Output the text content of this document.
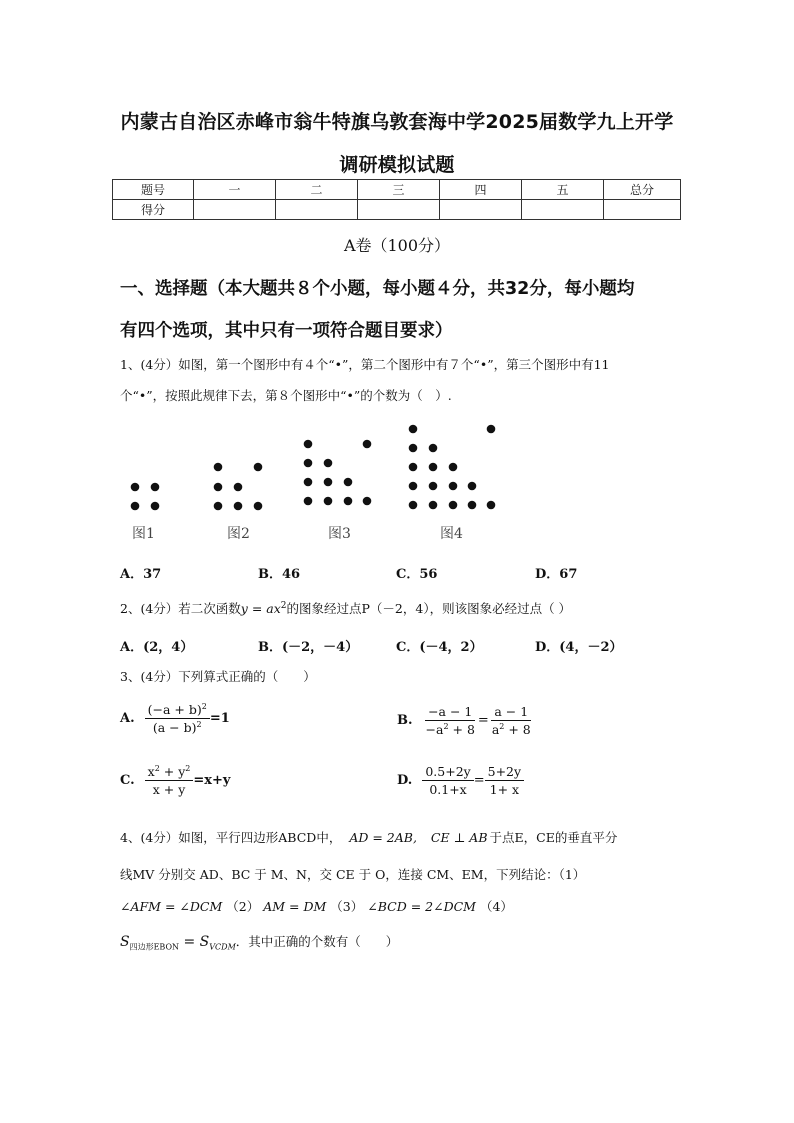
内蒙古自治区赤峰市翁牛特旗乌敦套海中学2025届数学九上开学
调研模拟试题
题号	一	二	三	四	五	总分
得分						
A卷（100分）
一、选择题（本大题共８个小题，每小题４分，共32分，每小题均
有四个选项，其中只有一项符合题目要求）
1、(4分）如图，第一个图形中有４个“•”，第二个图形中有７个“•”，第三个图形中有11
个“•”，按照此规律下去，第８个图形中“•”的个数为（　）.
图1	图2	图3	图4
A．37	B．46	C．56	D．67
2、(4分）若二次函数$y = ax^2$的图象经过点P（－2，4），则该图象必经过点（ ）
A．(2，4）	B．(－2，－4）	C．(－4，2）	D．(4，－2）
3、(4分）下列算式正确的（　　）
A. $\frac{(-a + b)^2}{(a - b)^2} =1$	B. $\frac{-a - 1}{-a^2 + 8} = \frac{a - 1}{a^2 + 8}$
C. $\frac{x^2 + y^2}{x + y} =x+y$	D. $\frac{0.5+2y}{0.1+x} = \frac{5+2y}{1+ x}$
4、(4分）如图，平行四边形ABCD中， AD = 2AB, CE ⊥ AB 于点E，CE的垂直平分
线MV 分别交 AD、BC 于 M、N，交 CE 于 O，连接 CM、EM，下列结论：（1）
∠AFM = ∠DCM （2） AM = DM （3） ∠BCD = 2∠DCM （4）
$S_{四边形EBON} = S_{VCDM}$．其中正确的个数有（　　）
